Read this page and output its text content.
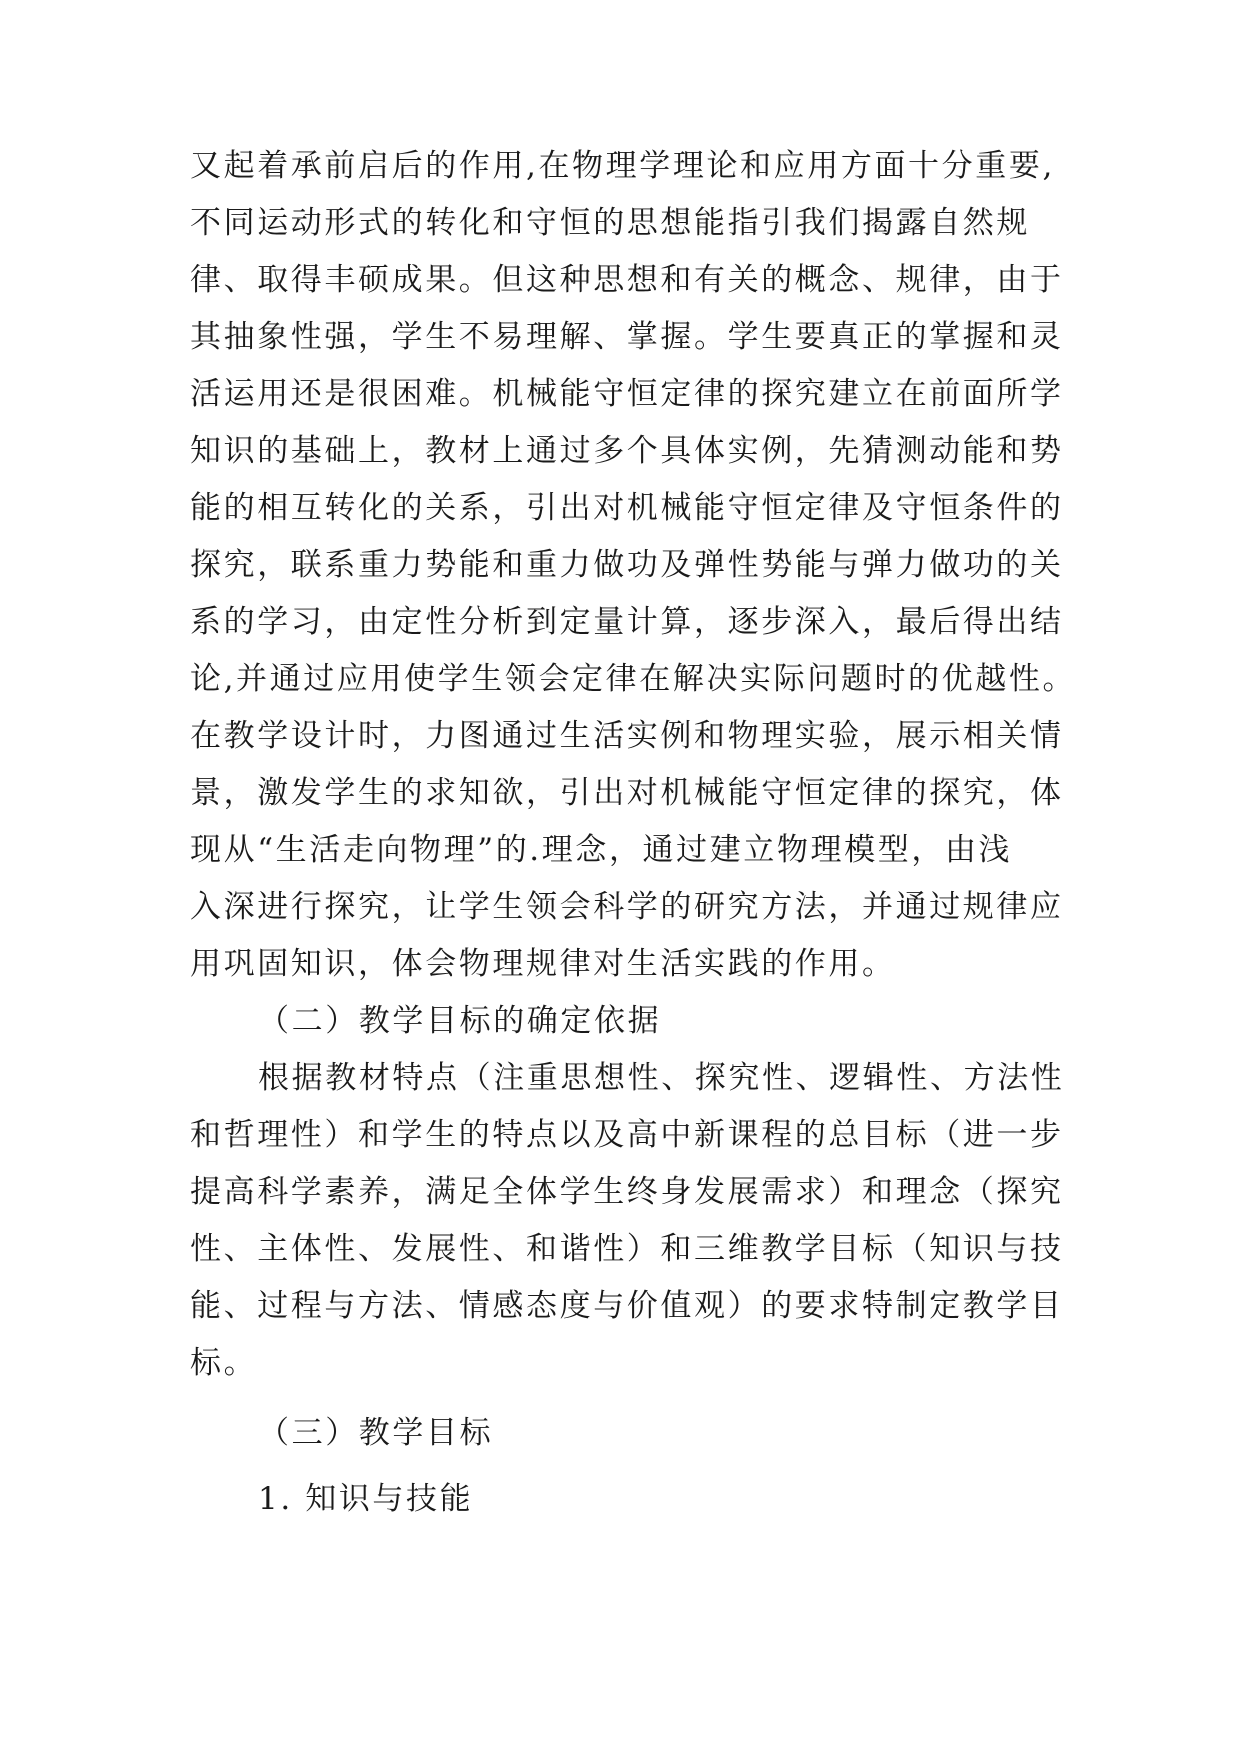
又起着承前启后的作用,在物理学理论和应用方面十分重要,
不同运动形式的转化和守恒的思想能指引我们揭露自然规
律、取得丰硕成果。但这种思想和有关的概念、规律，由于
其抽象性强，学生不易理解、掌握。学生要真正的掌握和灵
活运用还是很困难。机械能守恒定律的探究建立在前面所学
知识的基础上，教材上通过多个具体实例，先猜测动能和势
能的相互转化的关系，引出对机械能守恒定律及守恒条件的
探究，联系重力势能和重力做功及弹性势能与弹力做功的关
系的学习，由定性分析到定量计算，逐步深入，最后得出结
论,并通过应用使学生领会定律在解决实际问题时的优越性。
在教学设计时，力图通过生活实例和物理实验，展示相关情
景，激发学生的求知欲，引出对机械能守恒定律的探究，体
现从“生活走向物理”的.理念，通过建立物理模型，由浅
入深进行探究，让学生领会科学的研究方法，并通过规律应
用巩固知识，体会物理规律对生活实践的作用。
（二）教学目标的确定依据
根据教材特点（注重思想性、探究性、逻辑性、方法性
和哲理性）和学生的特点以及高中新课程的总目标（进一步
提高科学素养，满足全体学生终身发展需求）和理念（探究
性、主体性、发展性、和谐性）和三维教学目标（知识与技
能、过程与方法、情感态度与价值观）的要求特制定教学目
标。
（三）教学目标
1. 知识与技能
